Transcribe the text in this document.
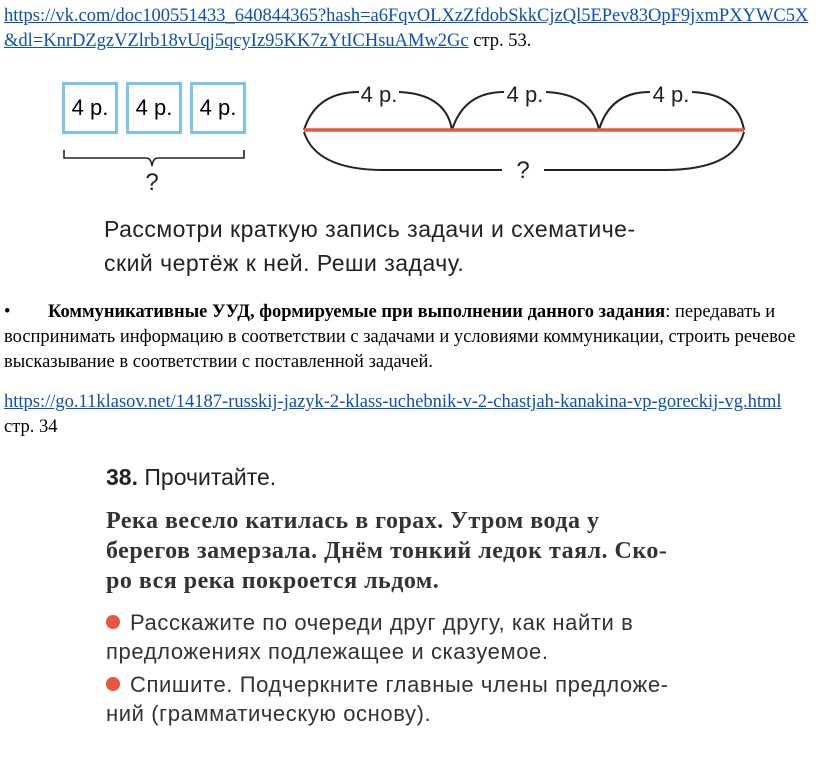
https://vk.com/doc100551433_640844365?hash=a6FqvOLXzZfdobSkkCjzQl5EPev83OpF9jxmPXYWC5X&dl=KnrDZgzVZlrb18vUqj5qcyIz95KK7zYtICHsuAMw2Gc стр. 53.
4 р.	4 р.	4 р.
4 р.	4 р.	4 р.
?
?
Рассмотри краткую запись задачи и схематиче-
ский чертёж к ней. Реши задачу.
• Коммуникативные УУД, формируемые при выполнении данного задания: передавать и воспринимать информацию в соответствии с задачами и условиями коммуникации, строить речевое высказывание в соответствии с поставленной задачей.
https://go.11klasov.net/14187-russkij-jazyk-2-klass-uchebnik-v-2-chastjah-kanakina-vp-goreckij-vg.html стр. 34
38. Прочитайте.
Река весело катилась в горах. Утром вода у
берегов замерзала. Днём тонкий ледок таял. Ско-
ро вся река покроется льдом.
Расскажите по очереди друг другу, как найти в
предложениях подлежащее и сказуемое.
Спишите. Подчеркните главные члены предложе-
ний (грамматическую основу).
